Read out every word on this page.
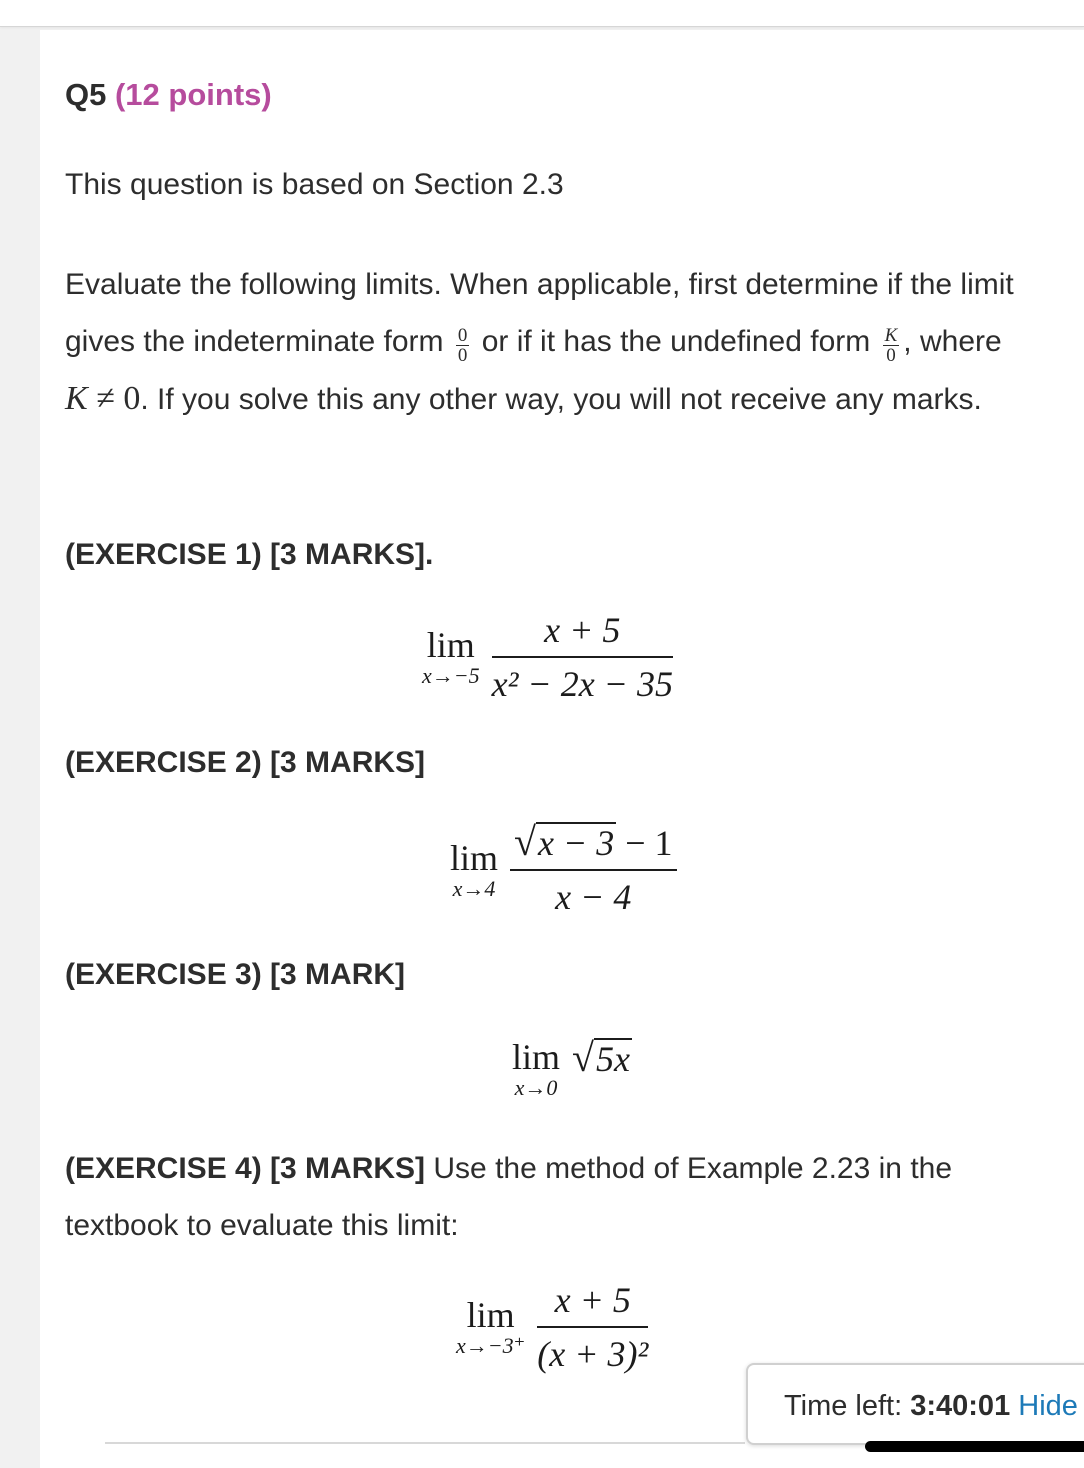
Q5 (12 points)
This question is based on Section 2.3
Evaluate the following limits. When applicable, first determine if the limit gives the indeterminate form $\frac{0}{0}$ or if it has the undefined form $\frac{K}{0}$ , where K ≠ 0. If you solve this any other way, you will not receive any marks.
(EXERCISE 1) [3 MARKS].
lim
$x\to-5 \frac{x + 5}{\text{x² − 2x − 35}}$
(EXERCISE 2) [3 MARKS]
lim
$x\to 4 \frac{√ x - 3 - 1}{x - 4}$
(EXERCISE 3) [3 MARK]
lim
x→0
√ 5x
(EXERCISE 4) [3 MARKS] Use the method of Example 2.23 in the textbook to evaluate this limit:
lim
$x\to-3^+ \frac{x + 5}{\text{(x + 3)²}}$
Time left: 3:40:01 Hide
